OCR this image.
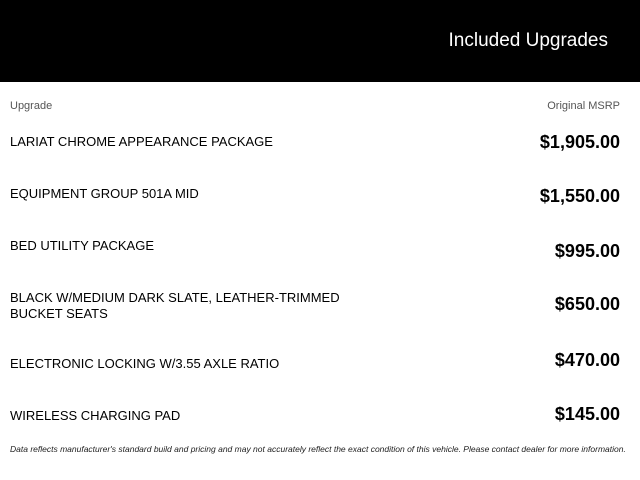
Included Upgrades
Upgrade	Original MSRP
LARIAT CHROME APPEARANCE PACKAGE	$1,905.00
EQUIPMENT GROUP 501A MID	$1,550.00
BED UTILITY PACKAGE	$995.00
BLACK W/MEDIUM DARK SLATE, LEATHER-TRIMMED BUCKET SEATS	$650.00
ELECTRONIC LOCKING W/3.55 AXLE RATIO	$470.00
WIRELESS CHARGING PAD	$145.00
Data reflects manufacturer's standard build and pricing and may not accurately reflect the exact condition of this vehicle. Please contact dealer for more information.
